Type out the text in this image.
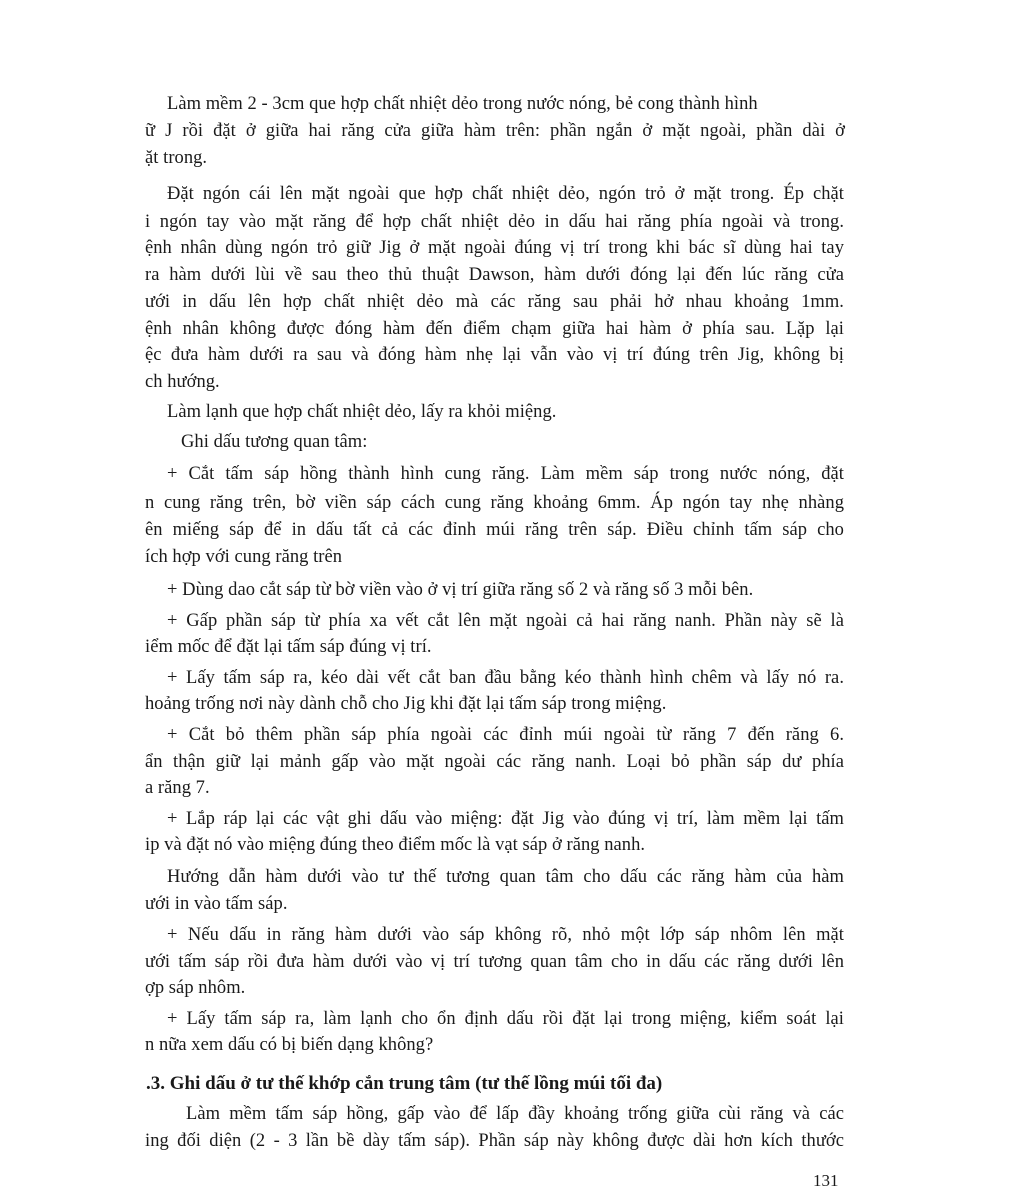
Làm mềm 2 - 3cm que hợp chất nhiệt dẻo trong nước nóng, bẻ cong thành hình
ữ J rồi đặt ở giữa hai răng cửa giữa hàm trên: phần ngắn ở mặt ngoài, phần dài ở
ặt trong.
Đặt ngón cái lên mặt ngoài que hợp chất nhiệt dẻo, ngón trỏ ở mặt trong. Ép chặt
i ngón tay vào mặt răng để hợp chất nhiệt dẻo in dấu hai răng phía ngoài và trong.
ệnh nhân dùng ngón trỏ giữ Jig ở mặt ngoài đúng vị trí trong khi bác sĩ dùng hai tay
ra hàm dưới lùi về sau theo thủ thuật Dawson, hàm dưới đóng lại đến lúc răng cửa
ưới in dấu lên hợp chất nhiệt dẻo mà các răng sau phải hở nhau khoảng 1mm.
ệnh nhân không được đóng hàm đến điểm chạm giữa hai hàm ở phía sau. Lặp lại
ệc đưa hàm dưới ra sau và đóng hàm nhẹ lại vẫn vào vị trí đúng trên Jig, không bị
ch hướng.
Làm lạnh que hợp chất nhiệt dẻo, lấy ra khỏi miệng.
Ghi dấu tương quan tâm:
+ Cắt tấm sáp hồng thành hình cung răng. Làm mềm sáp trong nước nóng, đặt
n cung răng trên, bờ viền sáp cách cung răng khoảng 6mm. Áp ngón tay nhẹ nhàng
ên miếng sáp để in dấu tất cả các đỉnh múi răng trên sáp. Điều chỉnh tấm sáp cho
ích hợp với cung răng trên
+ Dùng dao cắt sáp từ bờ viền vào ở vị trí giữa răng số 2 và răng số 3 mỗi bên.
+ Gấp phần sáp từ phía xa vết cắt lên mặt ngoài cả hai răng nanh. Phần này sẽ là
iểm mốc để đặt lại tấm sáp đúng vị trí.
+ Lấy tấm sáp ra, kéo dài vết cắt ban đầu bằng kéo thành hình chêm và lấy nó ra.
hoảng trống nơi này dành chỗ cho Jig khi đặt lại tấm sáp trong miệng.
+ Cắt bỏ thêm phần sáp phía ngoài các đỉnh múi ngoài từ răng 7 đến răng 6.
ẩn thận giữ lại mảnh gấp vào mặt ngoài các răng nanh. Loại bỏ phần sáp dư phía
a răng 7.
+ Lắp ráp lại các vật ghi dấu vào miệng: đặt Jig vào đúng vị trí, làm mềm lại tấm
ip và đặt nó vào miệng đúng theo điểm mốc là vạt sáp ở răng nanh.
Hướng dẫn hàm dưới vào tư thế tương quan tâm cho dấu các răng hàm của hàm
ưới in vào tấm sáp.
+ Nếu dấu in răng hàm dưới vào sáp không rõ, nhỏ một lớp sáp nhôm lên mặt
ưới tấm sáp rồi đưa hàm dưới vào vị trí tương quan tâm cho in dấu các răng dưới lên
ợp sáp nhôm.
+ Lấy tấm sáp ra, làm lạnh cho ổn định dấu rồi đặt lại trong miệng, kiểm soát lại
n nữa xem dấu có bị biến dạng không?
.3. Ghi dấu ở tư thế khớp cắn trung tâm (tư thế lồng múi tối đa)
Làm mềm tấm sáp hồng, gấp vào để lấp đầy khoảng trống giữa cùi răng và các
ing đối diện (2 - 3 lần bề dày tấm sáp). Phần sáp này không được dài hơn kích thước
131
